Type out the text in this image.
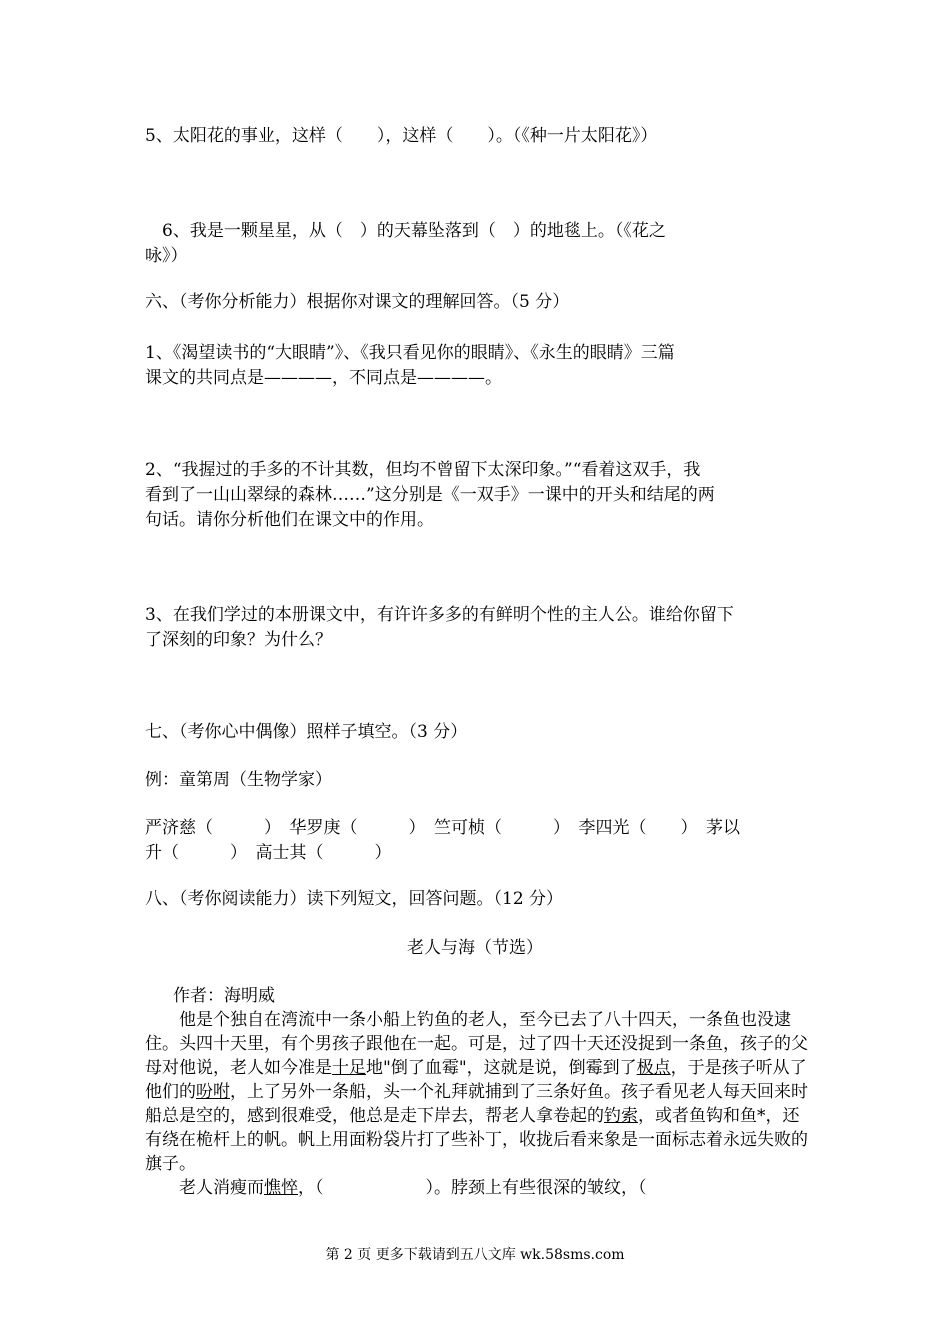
5、太阳花的事业，这样（　　），这样（　　）。（《种一片太阳花》）
　6、我是一颗星星，从（　）的天幕坠落到（　）的地毯上。（《花之
咏》）
六、（考你分析能力）根据你对课文的理解回答。（5 分）
1、《渴望读书的“大眼睛”》、《我只看见你的眼睛》、《永生的眼睛》三篇
课文的共同点是————，不同点是————。
2、“我握过的手多的不计其数，但均不曾留下太深印象。”“看着这双手，我
看到了一山山翠绿的森林……”这分别是《一双手》一课中的开头和结尾的两
句话。请你分析他们在课文中的作用。
3、在我们学过的本册课文中，有许许多多的有鲜明个性的主人公。谁给你留下
了深刻的印象？为什么？
七、（考你心中偶像）照样子填空。（3 分）
例：童第周（生物学家）
严济慈（　　　）　华罗庚（　　　）　竺可桢（　　　）　李四光（　　）　茅以
升（　　　）　高士其（　　　）
八、（考你阅读能力）读下列短文，回答问题。（12 分）
老人与海（节选）

作者：海明威

他是个独自在湾流中一条小船上钓鱼的老人，至今已去了八十四天，一条鱼也没逮住。头四十天里，有个男孩子跟他在一起。可是，过了四十天还没捉到一条鱼，孩子的父母对他说，老人如今准是十足地"倒了血霉"，这就是说，倒霉到了极点，于是孩子听从了他们的吩咐，上了另外一条船，头一个礼拜就捕到了三条好鱼。孩子看见老人每天回来时船总是空的，感到很难受，他总是走下岸去，帮老人拿卷起的钓索，或者鱼钩和鱼*，还有绕在桅杆上的帆。帆上用面粉袋片打了些补丁，收拢后看来象是一面标志着永远失败的旗子。

老人消瘦而憔悴，（　　　　　　）。脖颈上有些很深的皱纹，（

第 2 页 更多下载请到五八文库 wk.58sms.com
